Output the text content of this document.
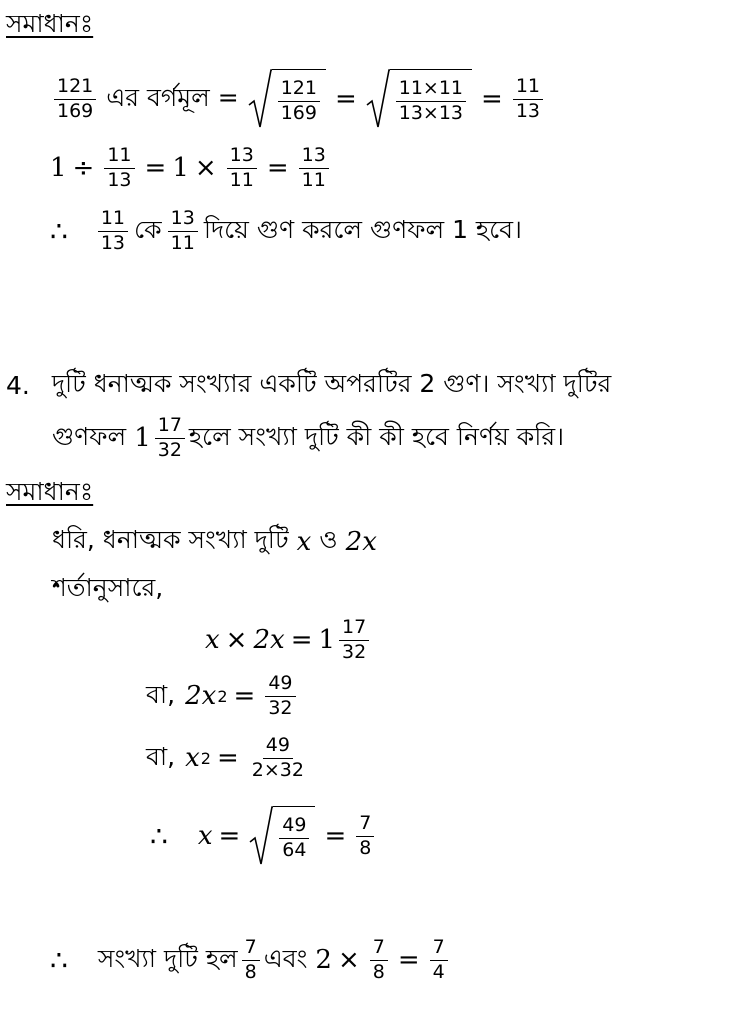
সমাধানঃ
121
169 এর বর্গমূল = 121
169 = 11×11
$13\times 13 = \frac{11}{13}$
$1 \div \frac{11}{13} = 1 \times \frac{13}{11} = \frac{13}{11}$
∴ 11
13 কে 13
11 দিয়ে গুণ করলে গুণফল 1 হবে।
4. দুটি ধনাত্মক সংখ্যার একটি অপরটির 2 গুণ। সংখ্যা দুটির
গুণফল 1 17
32 হলে সংখ্যা দুটি কী কী হবে নির্ণয় করি।
সমাধানঃ
ধরি, ধনাত্মক সংখ্যা দুটি x ও 2x
শর্তানুসারে,
x × 2x = 1 17
32
বা, 2x $2 = \frac{49}{32}$
বা, x $2 = \frac{49}{2\times 32}$
∴ x = 49
$64 = \frac{7}{8}$
∴ সংখ্যা দুটি হল 7
8 এবং $2 \times \frac{7}{8} = \frac{7}{4}$
